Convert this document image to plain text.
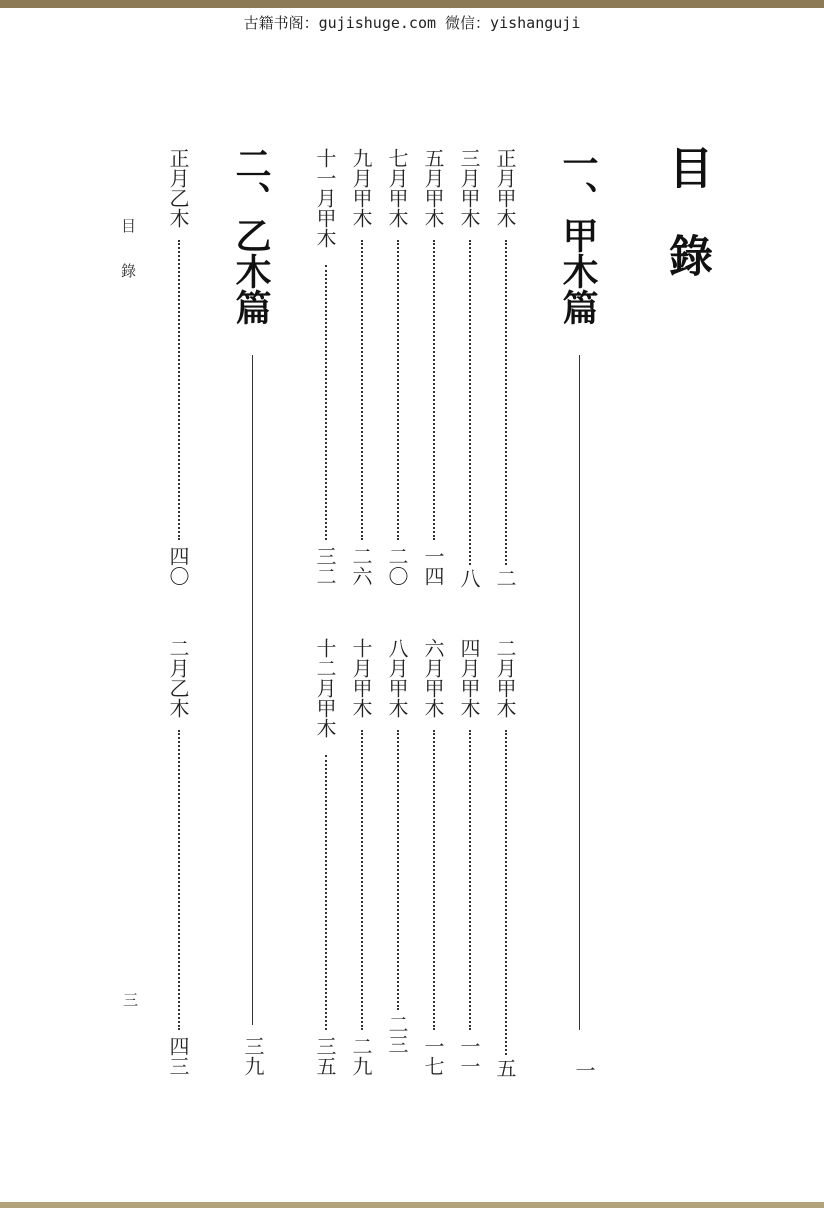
古籍书阁：gujishuge.com 微信：yishanguji
目錄
一、甲木篇
一
二、乙木篇
三九
正月甲木
二
三月甲木
八
五月甲木
一四
七月甲木
二〇
九月甲木
二六
十一月甲木
三二
二月甲木
五
四月甲木
一一
六月甲木
一七
八月甲木
二三
十月甲木
二九
十二月甲木
三五
正月乙木
四〇
二月乙木
四三
目錄
三
